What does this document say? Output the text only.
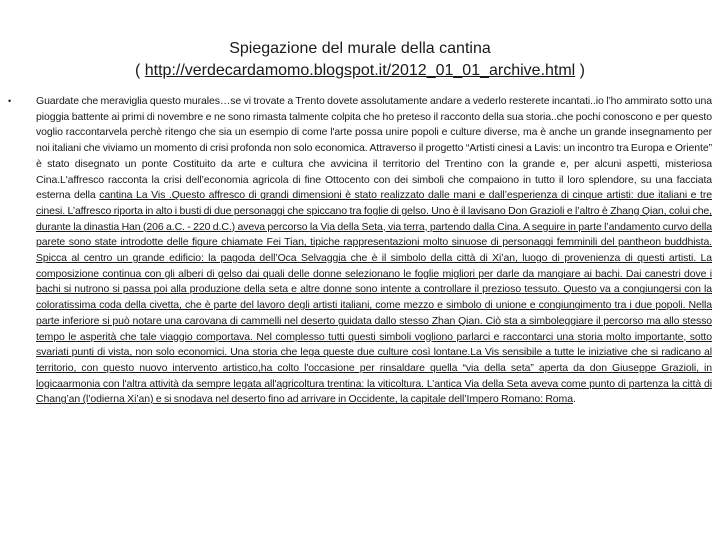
Spiegazione del murale della cantina
( http://verdecardamomo.blogspot.it/2012_01_01_archive.html )
• Guardate che meraviglia questo murales…se vi trovate a Trento dovete assolutamente andare a vederlo resterete incantati..io l’ho ammirato sotto una pioggia battente ai primi di novembre e ne sono rimasta talmente colpita che ho preteso il racconto della sua storia..che pochi conoscono e per questo voglio raccontarvela perchè ritengo che sia un esempio di come l'arte possa unire popoli e culture diverse, ma è anche un grande insegnamento per noi italiani che viviamo un momento di crisi profonda non solo economica. Attraverso il progetto “Artisti cinesi a Lavis: un incontro tra Europa e Oriente” è stato disegnato un ponte Costituito da arte e cultura che avvicina il territorio del Trentino con la grande e, per alcuni aspetti, misteriosa Cina.L'affresco racconta la crisi dell’economia agricola di fine Ottocento con dei simboli che compaiono in tutto il loro splendore, su una facciata esterna della cantina La Vis .Questo affresco di grandi dimensioni è stato realizzato dalle mani e dall’esperienza di cinque artisti: due italiani e tre cinesi. L’affresco riporta in alto i busti di due personaggi che spiccano tra foglie di gelso. Uno è il lavisano Don Grazioli e l’altro è Zhang Qian, colui che, durante la dinastia Han (206 a.C. - 220 d.C.) aveva percorso la Via della Seta, via terra, partendo dalla Cina. A seguire in parte l’andamento curvo della parete sono state introdotte delle figure chiamate Fei Tian, tipiche rappresentazioni molto sinuose di personaggi femminili del pantheon buddhista. Spicca al centro un grande edificio: la pagoda dell’Oca Selvaggia che è il simbolo della città di Xi’an, luogo di provenienza di questi artisti. La composizione continua con gli alberi di gelso dai quali delle donne selezionano le foglie migliori per darle da mangiare ai bachi. Dai canestri dove i bachi si nutrono si passa poi alla produzione della seta e altre donne sono intente a controllare il prezioso tessuto. Questo va a congiungersi con la coloratissima coda della civetta, che è parte del lavoro degli artisti italiani, come mezzo e simbolo di unione e congiungimento tra i due popoli. Nella parte inferiore si può notare una carovana di cammelli nel deserto guidata dallo stesso Zhan Qian. Ciò sta a simboleggiare il percorso ma allo stesso tempo le asperità che tale viaggio comportava. Nel complesso tutti questi simboli vogliono parlarci e raccontarci una storia molto importante, sotto svariati punti di vista, non solo economici. Una storia che lega queste due culture così lontane.La Vis sensibile a tutte le iniziative che si radicano al territorio, con questo nuovo intervento artistico,ha colto l'occasione per rinsaldare quella “via della seta” aperta da don Giuseppe Grazioli, in logicaarmonia con l'altra attività da sempre legata all'agricoltura trentina: la viticoltura. L’antica Via della Seta aveva come punto di partenza la città di Chang’an (l’odierna Xi’an) e si snodava nel deserto fino ad arrivare in Occidente, la capitale dell’Impero Romano: Roma.
